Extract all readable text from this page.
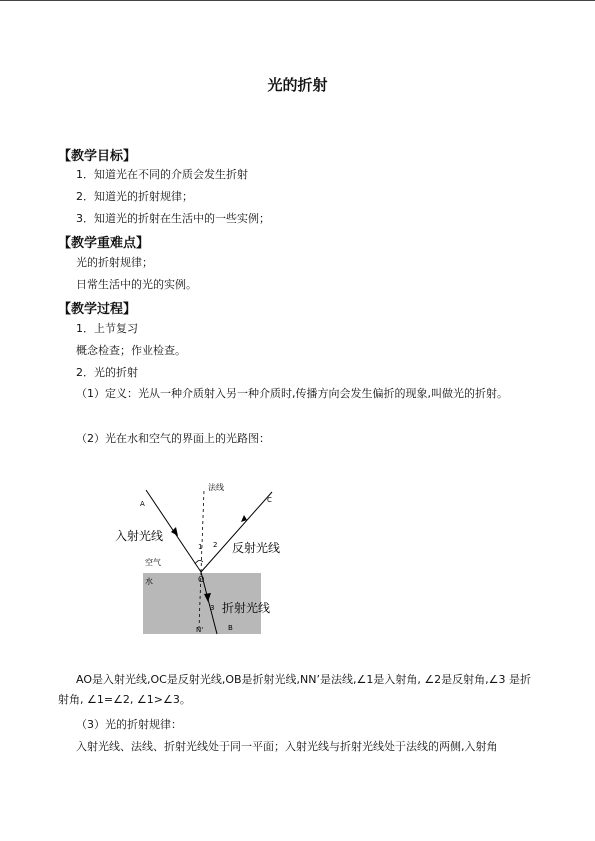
光的折射
【教学目标】
1．知道光在不同的介质会发生折射
2．知道光的折射规律；
3．知道光的折射在生活中的一些实例；
【教学重难点】
光的折射规律；
日常生活中的光的实例。
【教学过程】
1．上节复习
概念检查；作业检查。
2．光的折射
（1）定义：光从一种介质射入另一种介质时,传播方向会发生偏折的现象,叫做光的折射。
（2）光在水和空气的界面上的光路图：
A	C
O
B
N'
1 2
3
法线
入射光线
反射光线
折射光线
空气
水
AO是入射光线,OC是反射光线,OB是折射光线,NN’是法线,∠1是入射角, ∠2是反射角,∠3 是折射角, ∠1=∠2, ∠1>∠3。
（3）光的折射规律：
入射光线、法线、折射光线处于同一平面；入射光线与折射光线处于法线的两侧,入射角
